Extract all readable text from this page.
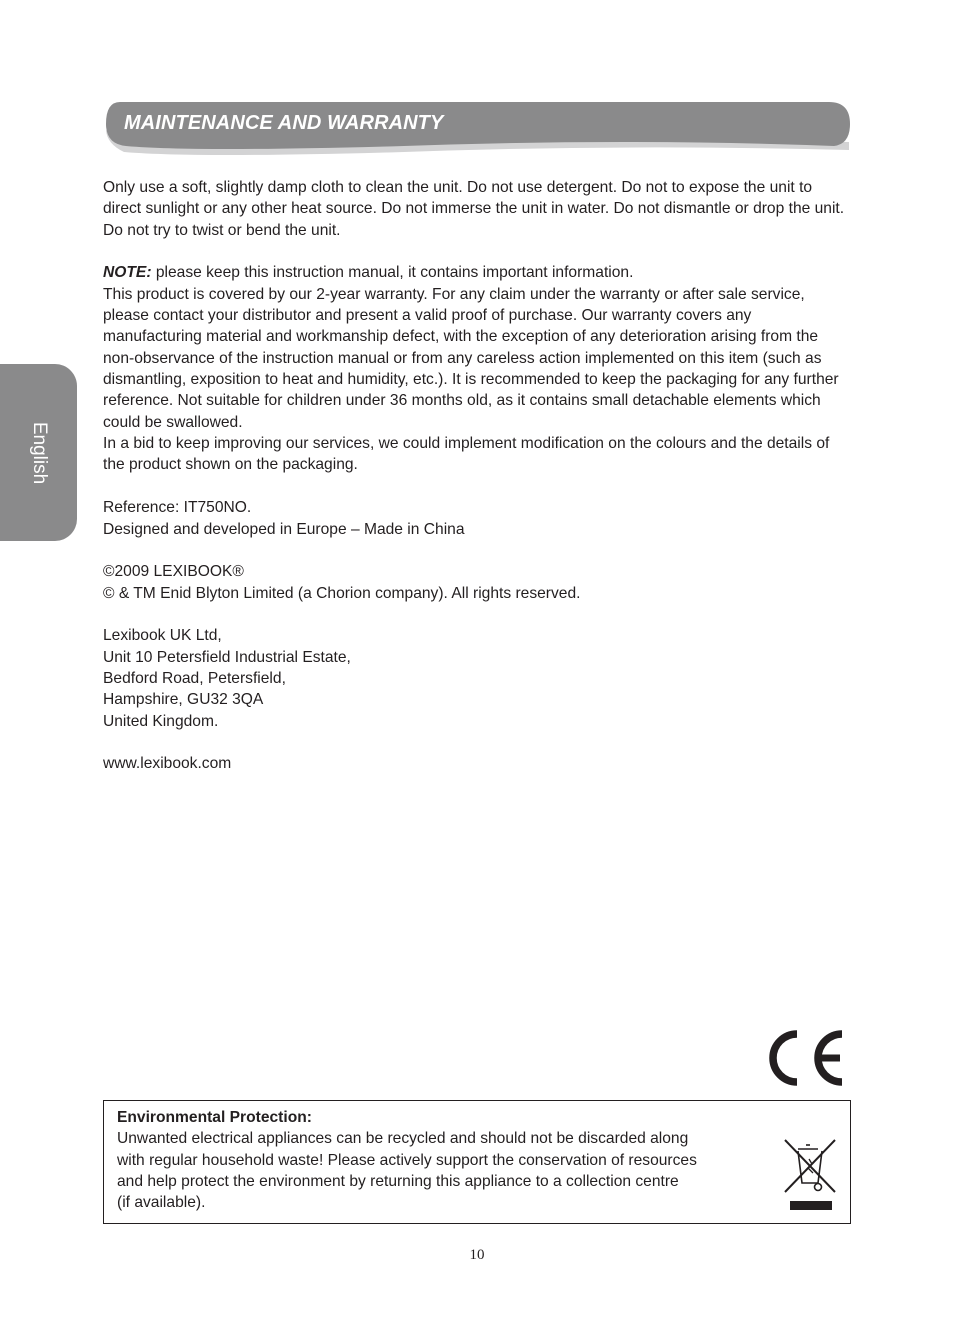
MAINTENANCE AND WARRANTY
English

Only use a soft, slightly damp cloth to clean the unit. Do not use detergent. Do not to expose the unit to direct sunlight or any other heat source. Do not immerse the unit in water. Do not dismantle or drop the unit. Do not try to twist or bend the unit.

NOTE: please keep this instruction manual, it contains important information.

This product is covered by our 2-year warranty. For any claim under the warranty or after sale service, please contact your distributor and present a valid proof of purchase. Our warranty covers any manufacturing material and workmanship defect, with the exception of any deterioration arising from the non-observance of the instruction manual or from any careless action implemented on this item (such as dismantling, exposition to heat and humidity, etc.). It is recommended to keep the packaging for any further reference. Not suitable for children under 36 months old, as it contains small detachable elements which could be swallowed.

In a bid to keep improving our services, we could implement modification on the colours and the details of the product shown on the packaging.

Reference: IT750NO.

Designed and developed in Europe – Made in China

©2009 LEXIBOOK®

© & TM Enid Blyton Limited (a Chorion company). All rights reserved.

Lexibook UK Ltd,

Unit 10 Petersfield Industrial Estate,

Bedford Road, Petersfield,

Hampshire, GU32 3QA

United Kingdom.

www.lexibook.com

Environmental Protection:
Unwanted electrical appliances can be recycled and should not be discarded along
with regular household waste! Please actively support the conservation of resources
and help protect the environment by returning this appliance to a collection centre
(if available).
10
